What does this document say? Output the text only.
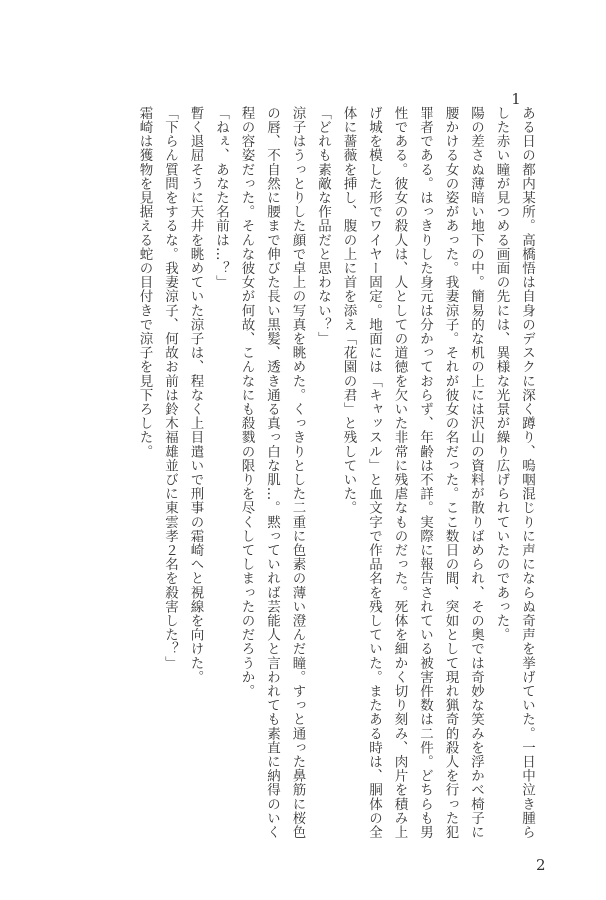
1

ある日の都内某所。高橋悟は自身のデスクに深く蹲り、嗚咽混じりに声にならぬ奇声を挙げていた。一日中泣き腫らした赤い瞳が見つめる画面の先には、異様な光景が繰り広げられていたのであった。

陽の差さぬ薄暗い地下の中。簡易的な机の上には沢山の資料が散りばめられ、その奥では奇妙な笑みを浮かべ椅子に腰かける女の姿があった。我妻涼子。それが彼女の名だった。ここ数日の間、突如として現れ猟奇的殺人を行った犯罪者である。はっきりした身元は分かっておらず、年齢は不詳。実際に報告されている被害件数は二件。どちらも男性である。彼女の殺人は、人としての道徳を欠いた非常に残虐なものだった。死体を細かく切り刻み、肉片を積み上げ城を模した形でワイヤー固定。地面には「キャッスル」と血文字で作品名を残していた。またある時は、胴体の全体に薔薇を挿し、腹の上に首を添え「花園の君」と残していた。

「どれも素敵な作品だと思わない？」

涼子はうっとりした顔で卓上の写真を眺めた。くっきりとした二重に色素の薄い澄んだ瞳。すっと通った鼻筋に桜色の唇、不自然に腰まで伸びた長い黒髪、透き通る真っ白な肌…。黙っていれば芸能人と言われても素直に納得のいく程の容姿だった。そんな彼女が何故、こんなにも殺戮の限りを尽くしてしまったのだろうか。

「ねぇ、あなた名前は…？」

暫く退屈そうに天井を眺めていた涼子は、程なく上目遣いで刑事の霜崎へと視線を向けた。

「下らん質問をするな。我妻涼子、何故お前は鈴木福雄並びに東雲孝２名を殺害した？」

霜崎は獲物を見据える蛇の目付きで涼子を見下ろした。

2
